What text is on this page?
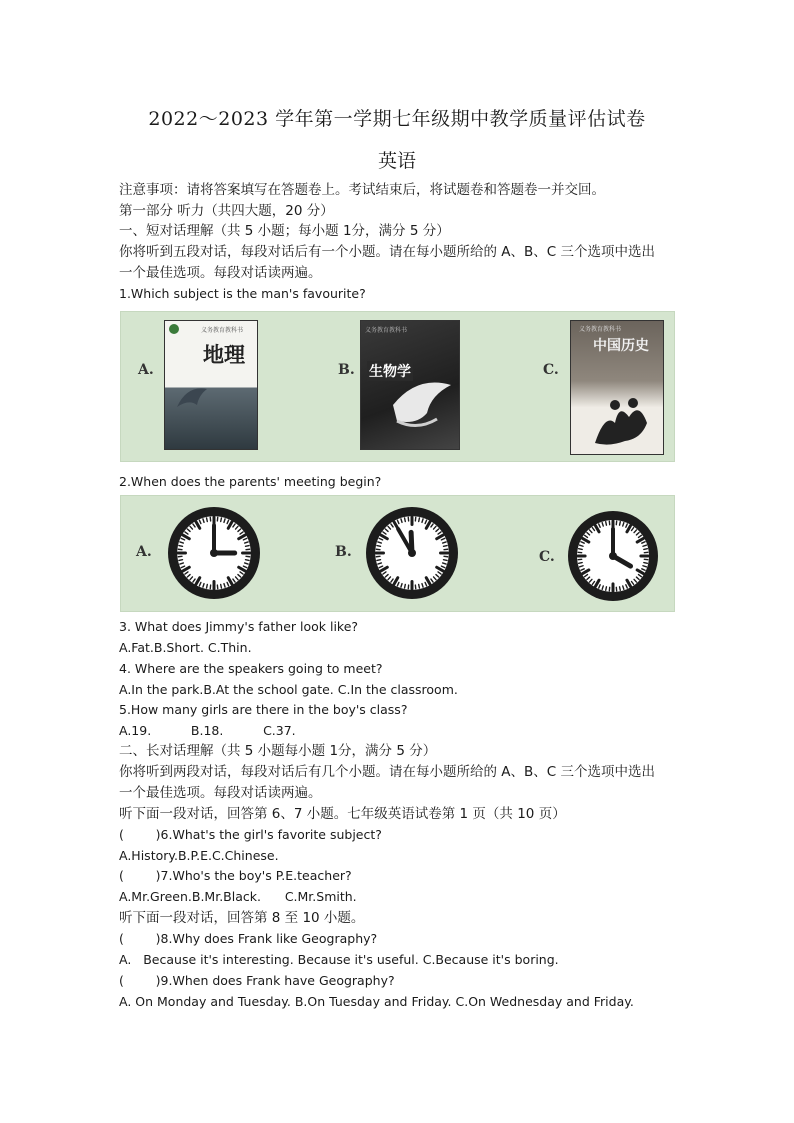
2022～2023 学年第一学期七年级期中教学质量评估试卷
英语
注意事项：请将答案填写在答题卷上。考试结束后，将试题卷和答题卷一并交回。
第一部分 听力（共四大题，20 分）
一、短对话理解（共 5 小题；每小题 1分，满分 5 分）
你将听到五段对话，每段对话后有一个小题。请在每小题所给的 A、B、C 三个选项中选出
一个最佳选项。每段对话读两遍。
1.Which subject is the man's favourite?
A.
义务教育教科书
地理
B.
义务教育教科书
生物学	C.
义务教育教科书
中国历史
2.When does the parents' meeting begin?
A.	B.	C.
3. What does Jimmy's father look like?
A.Fat.B.Short. C.Thin.
4. Where are the speakers going to meet?
A.In the park.B.At the school gate. C.In the classroom.
5.How many girls are there in the boy's class?
A.19.          B.18.          C.37.
二、长对话理解（共 5 小题每小题 1分，满分 5 分）
你将听到两段对话，每段对话后有几个小题。请在每小题所给的 A、B、C 三个选项中选出
一个最佳选项。每段对话读两遍。
听下面一段对话，回答第 6、7 小题。七年级英语试卷第 1 页（共 10 页）
(        )6.What's the girl's favorite subject?
A.History.B.P.E.C.Chinese.
(        )7.Who's the boy's P.E.teacher?
A.Mr.Green.B.Mr.Black.      C.Mr.Smith.
听下面一段对话，回答第 8 至 10 小题。
(        )8.Why does Frank like Geography?
A.   Because it's interesting. Because it's useful. C.Because it's boring.
(        )9.When does Frank have Geography?
A. On Monday and Tuesday. B.On Tuesday and Friday. C.On Wednesday and Friday.
